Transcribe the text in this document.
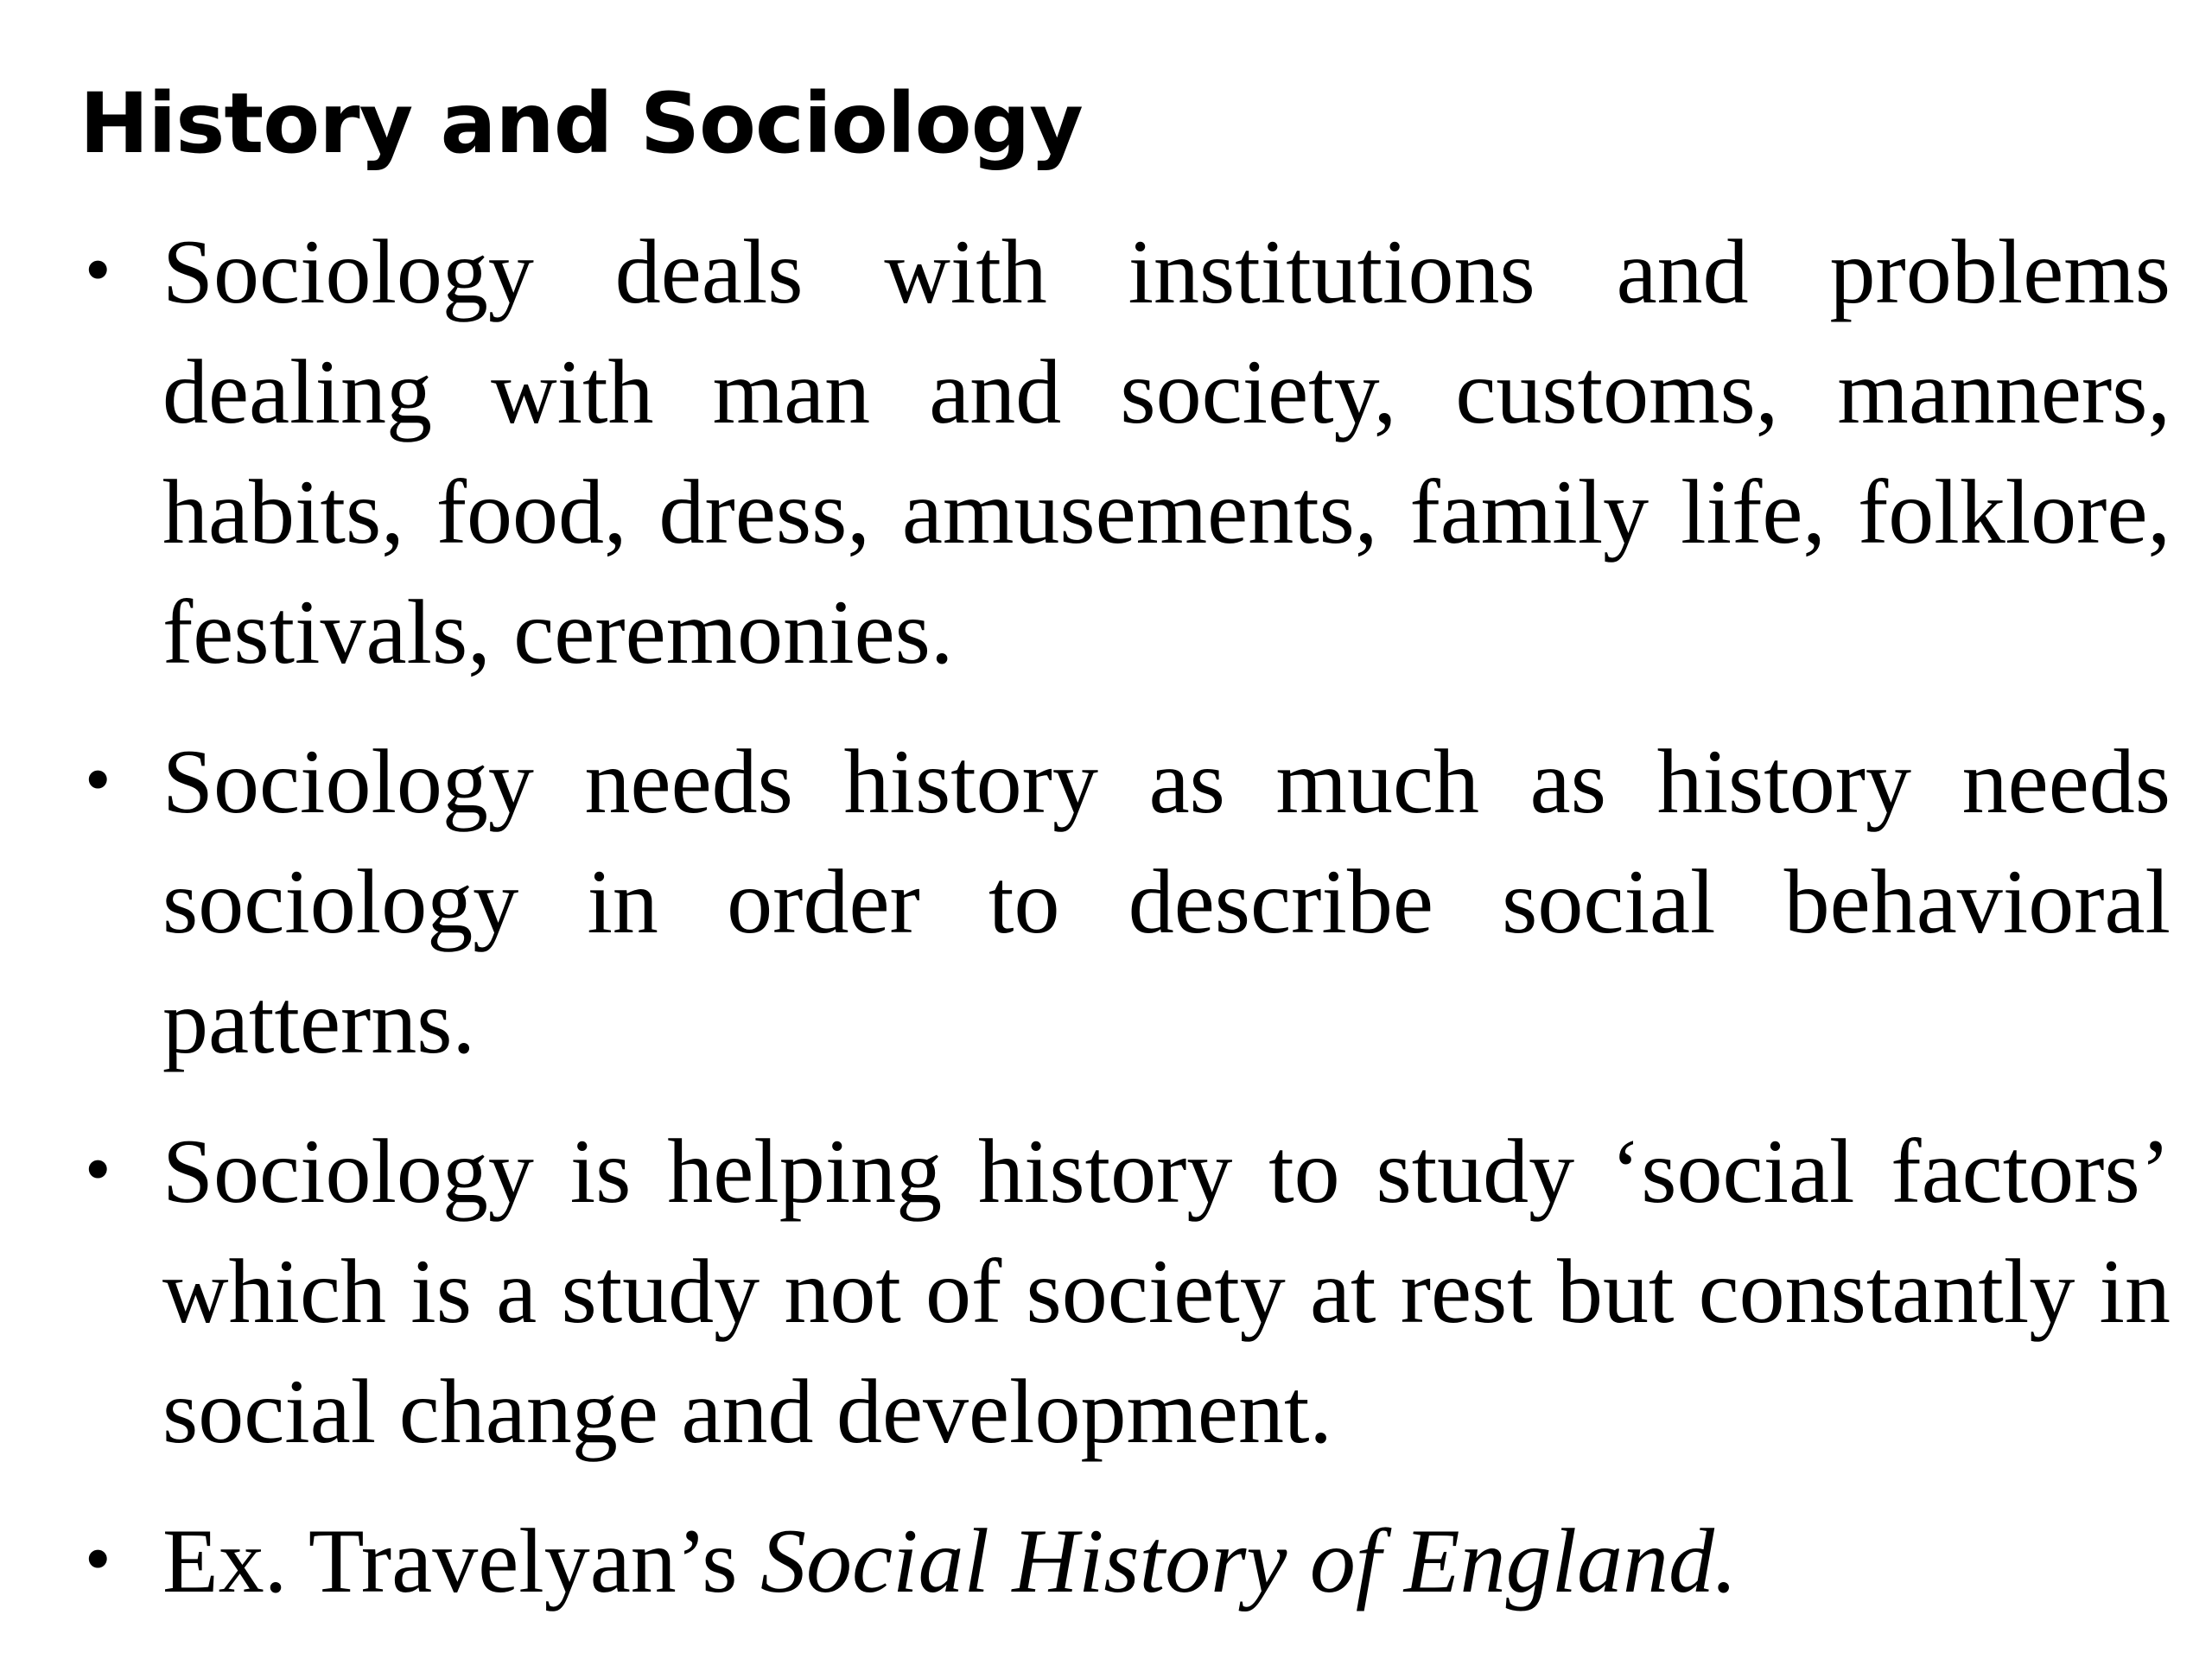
History and Sociology
• Sociology deals with institutions and problems dealing with man and society, customs, manners, habits, food, dress, amusements, family life, folklore, festivals, ceremonies.

• Sociology needs history as much as history needs sociology in order to describe social behavioral patterns.

• Sociology is helping history to study ‘social factors’ which is a study not of society at rest but constantly in social change and development.

• Ex. Travelyan’s Social History of England.
